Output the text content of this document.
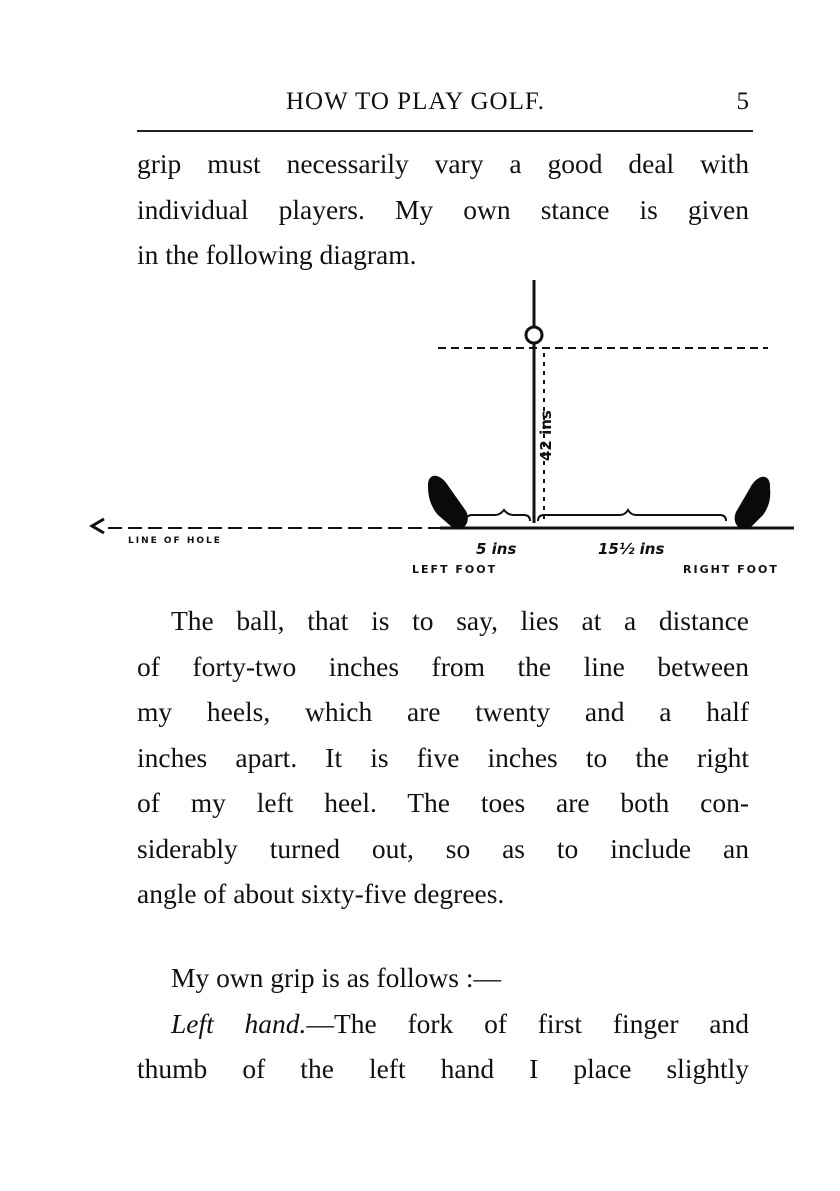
HOW TO PLAY GOLF.	5
grip must necessarily vary a good deal with
individual players. My own stance is given
in the following diagram.
42 ins
LINE OF HOLE	5 ins	15½ ins
LEFT FOOT	RIGHT FOOT
The ball, that is to say, lies at a distance
of forty-two inches from the line between
my heels, which are twenty and a half
inches apart. It is five inches to the right
of my left heel. The toes are both con-
siderably turned out, so as to include an
angle of about sixty-five degrees.
My own grip is as follows :—
Left hand.—The fork of first finger and
thumb of the left hand I place slightly
